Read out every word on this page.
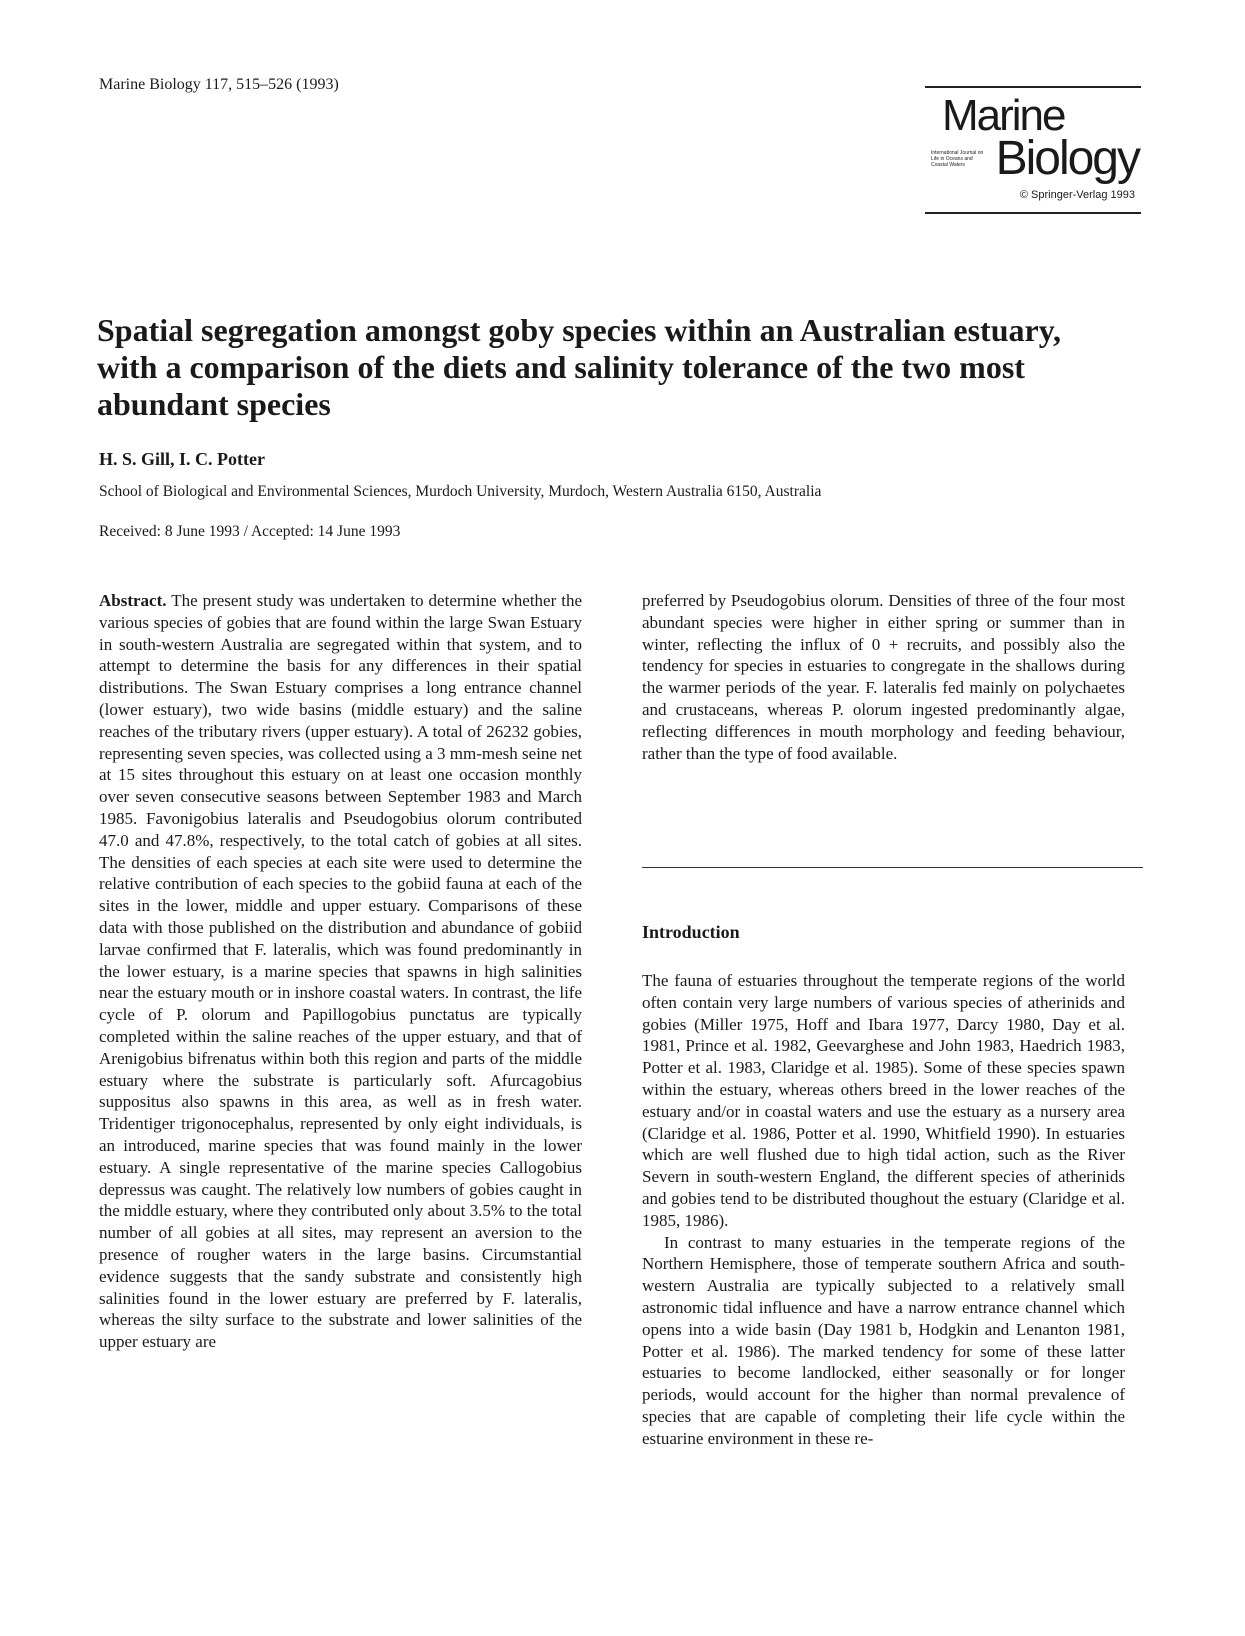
Marine Biology 117, 515–526 (1993)
Marine
International Journal on Life in Oceans and Coastal Waters Biology
© Springer-Verlag 1993
Spatial segregation amongst goby species within an Australian estuary, with a comparison of the diets and salinity tolerance of the two most abundant species
H. S. Gill, I. C. Potter
School of Biological and Environmental Sciences, Murdoch University, Murdoch, Western Australia 6150, Australia
Received: 8 June 1993 / Accepted: 14 June 1993
Abstract. The present study was undertaken to determine whether the various species of gobies that are found within the large Swan Estuary in south-western Australia are segregated within that system, and to attempt to determine the basis for any differences in their spatial distributions. The Swan Estuary comprises a long entrance channel (lower estuary), two wide basins (middle estuary) and the saline reaches of the tributary rivers (upper estuary). A total of 26232 gobies, representing seven species, was collected using a 3 mm-mesh seine net at 15 sites throughout this estuary on at least one occasion monthly over seven consecutive seasons between September 1983 and March 1985. Favonigobius lateralis and Pseudogobius olorum contributed 47.0 and 47.8%, respectively, to the total catch of gobies at all sites. The densities of each species at each site were used to determine the relative contribution of each species to the gobiid fauna at each of the sites in the lower, middle and upper estuary. Comparisons of these data with those published on the distribution and abundance of gobiid larvae confirmed that F. lateralis, which was found predominantly in the lower estuary, is a marine species that spawns in high salinities near the estuary mouth or in inshore coastal waters. In contrast, the life cycle of P. olorum and Papillogobius punctatus are typically completed within the saline reaches of the upper estuary, and that of Arenigobius bifrenatus within both this region and parts of the middle estuary where the substrate is particularly soft. Afurcagobius suppositus also spawns in this area, as well as in fresh water. Tridentiger trigonocephalus, represented by only eight individuals, is an introduced, marine species that was found mainly in the lower estuary. A single representative of the marine species Callogobius depressus was caught. The relatively low numbers of gobies caught in the middle estuary, where they contributed only about 3.5% to the total number of all gobies at all sites, may represent an aversion to the presence of rougher waters in the large basins. Circumstantial evidence suggests that the sandy substrate and consistently high salinities found in the lower estuary are preferred by F. lateralis, whereas the silty surface to the substrate and lower salinities of the upper estuary are
preferred by Pseudogobius olorum. Densities of three of the four most abundant species were higher in either spring or summer than in winter, reflecting the influx of 0 + recruits, and possibly also the tendency for species in estuaries to congregate in the shallows during the warmer periods of the year. F. lateralis fed mainly on polychaetes and crustaceans, whereas P. olorum ingested predominantly algae, reflecting differences in mouth morphology and feeding behaviour, rather than the type of food available.
Introduction

The fauna of estuaries throughout the temperate regions of the world often contain very large numbers of various species of atherinids and gobies (Miller 1975, Hoff and Ibara 1977, Darcy 1980, Day et al. 1981, Prince et al. 1982, Geevarghese and John 1983, Haedrich 1983, Potter et al. 1983, Claridge et al. 1985). Some of these species spawn within the estuary, whereas others breed in the lower reaches of the estuary and/or in coastal waters and use the estuary as a nursery area (Claridge et al. 1986, Potter et al. 1990, Whitfield 1990). In estuaries which are well flushed due to high tidal action, such as the River Severn in south-western England, the different species of atherinids and gobies tend to be distributed thoughout the estuary (Claridge et al. 1985, 1986).

In contrast to many estuaries in the temperate regions of the Northern Hemisphere, those of temperate southern Africa and south-western Australia are typically subjected to a relatively small astronomic tidal influence and have a narrow entrance channel which opens into a wide basin (Day 1981 b, Hodgkin and Lenanton 1981, Potter et al. 1986). The marked tendency for some of these latter estuaries to become landlocked, either seasonally or for longer periods, would account for the higher than normal prevalence of species that are capable of completing their life cycle within the estuarine environment in these re-
